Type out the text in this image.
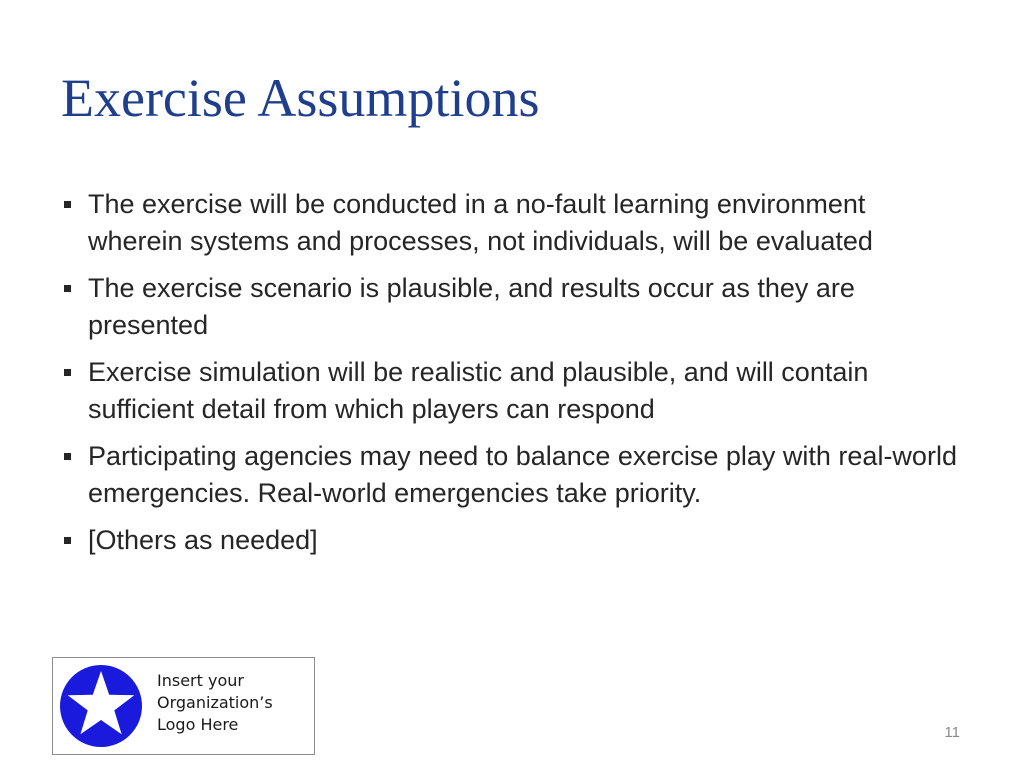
Exercise Assumptions
The exercise will be conducted in a no-fault learning environment wherein systems and processes, not individuals, will be evaluated
The exercise scenario is plausible, and results occur as they are presented
Exercise simulation will be realistic and plausible, and will contain sufficient detail from which players can respond
Participating agencies may need to balance exercise play with real-world emergencies. Real-world emergencies take priority.
[Others as needed]
Insert your
Organization’s
Logo Here	11
